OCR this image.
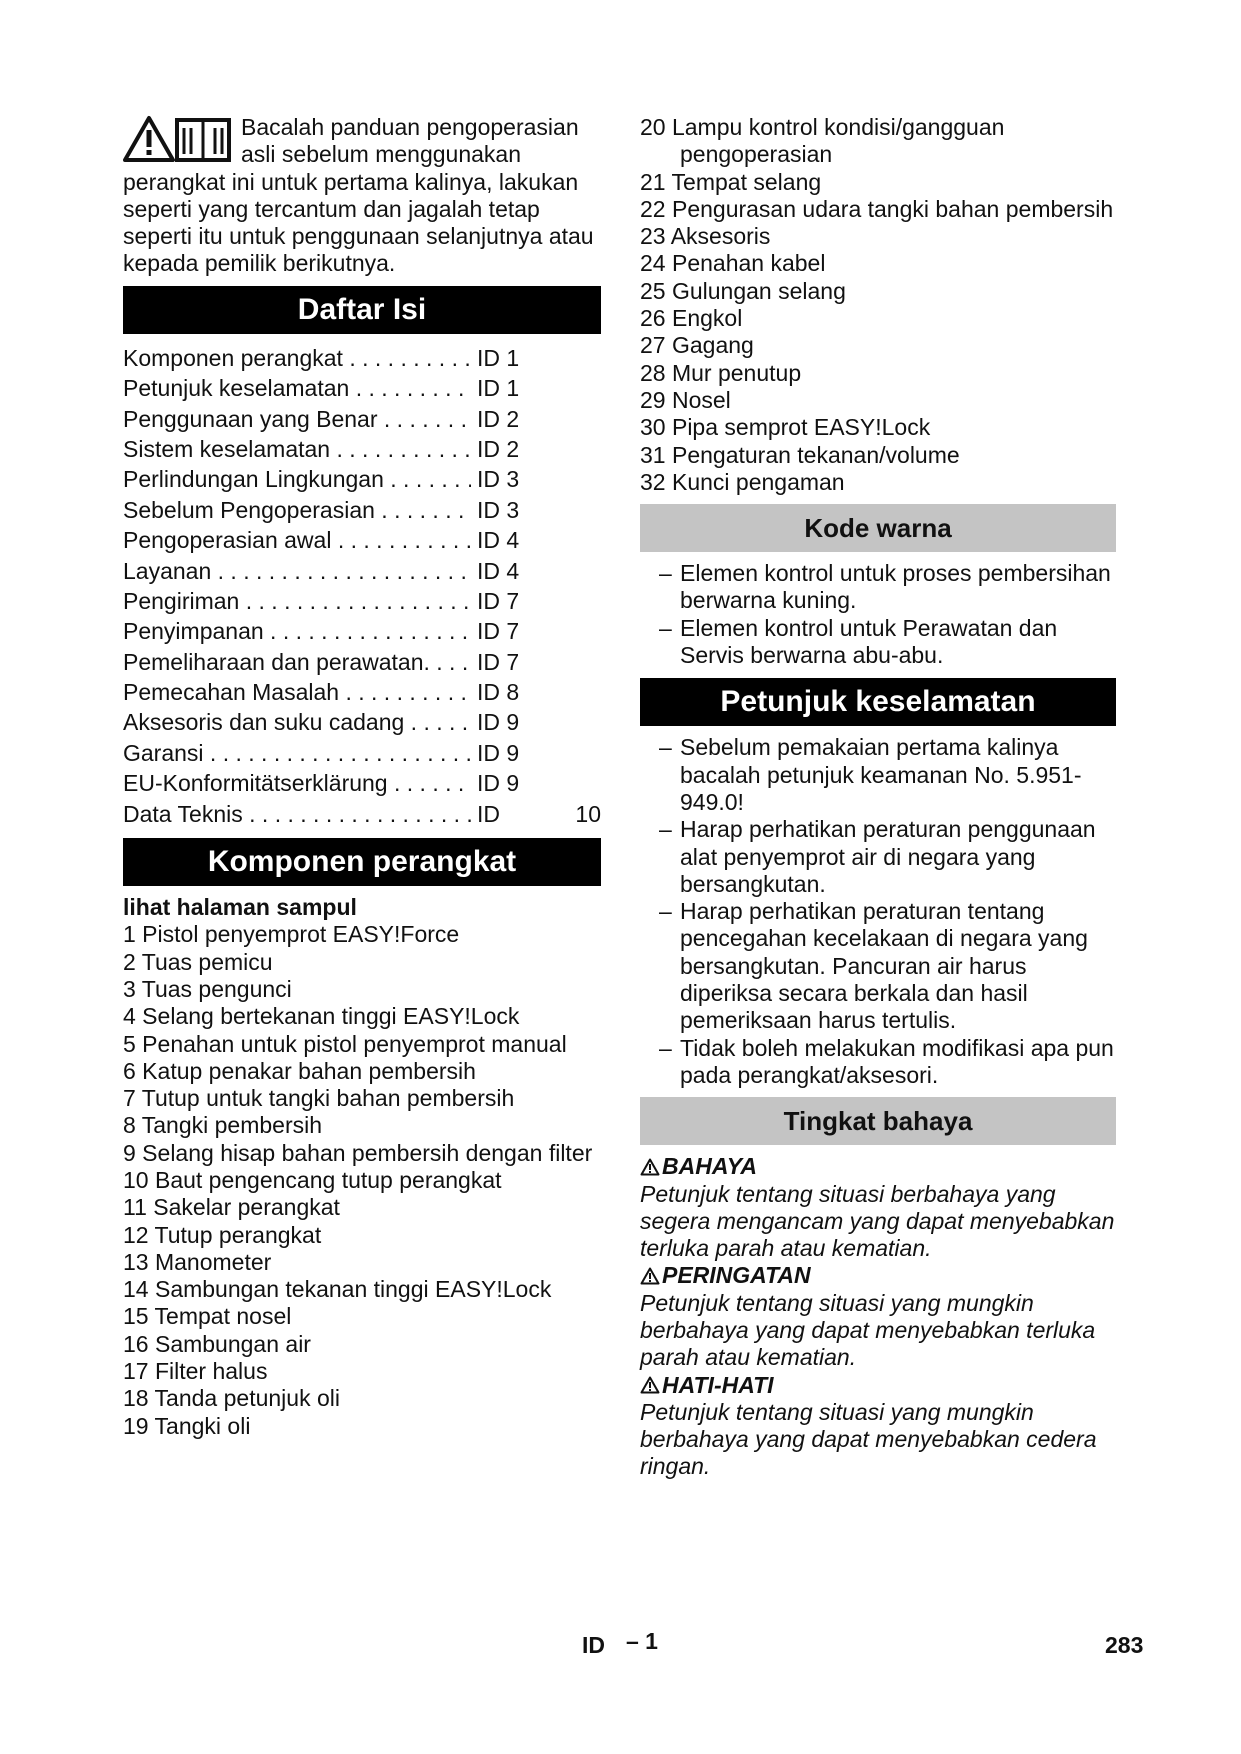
Bacalah panduan pengoperasian asli sebelum menggunakan perangkat ini untuk pertama kalinya, lakukan seperti yang tercantum dan jagalah tetap seperti itu untuk penggunaan selanjutnya atau kepada pemilik berikutnya.

Daftar Isi
Komponen perangkat . . .	ID 1
Petunjuk keselamatan . . .	ID 1
Penggunaan yang Benar . . .	ID 2
Sistem keselamatan . . .	ID 2
Perlindungan Lingkungan . . .	ID 3
Sebelum Pengoperasian . . .	ID 3
Pengoperasian awal . . .	ID 4
Layanan . . .	ID 4
Pengiriman . . .	ID 7
Penyimpanan . . .	ID 7
Pemeliharaan dan perawatan. . . .	ID 7
Pemecahan Masalah . . .	ID 8
Aksesoris dan suku cadang . . .	ID 9
Garansi . . .	ID 9
EU-Konformitätserklärung . . .	ID 9
Data Teknis . . .	ID	10
Komponen perangkat

lihat halaman sampul

1 Pistol penyemprot EASY!Force
2 Tuas pemicu
3 Tuas pengunci
4 Selang bertekanan tinggi EASY!Lock
5 Penahan untuk pistol penyemprot manual
6 Katup penakar bahan pembersih
7 Tutup untuk tangki bahan pembersih
8 Tangki pembersih
9 Selang hisap bahan pembersih dengan filter
10 Baut pengencang tutup perangkat
11 Sakelar perangkat
12 Tutup perangkat
13 Manometer
14 Sambungan tekanan tinggi EASY!Lock
15 Tempat nosel
16 Sambungan air
17 Filter halus
18 Tanda petunjuk oli
19 Tangki oli
20 Lampu kontrol kondisi/gangguan pengoperasian
21 Tempat selang
22 Pengurasan udara tangki bahan pembersih
23 Aksesoris
24 Penahan kabel
25 Gulungan selang
26 Engkol
27 Gagang
28 Mur penutup
29 Nosel
30 Pipa semprot EASY!Lock
31 Pengaturan tekanan/volume
32 Kunci pengaman
Kode warna
– Elemen kontrol untuk proses pembersihan berwarna kuning.
– Elemen kontrol untuk Perawatan dan Servis berwarna abu-abu.
Petunjuk keselamatan
– Sebelum pemakaian pertama kalinya bacalah petunjuk keamanan No. 5.951-949.0!
– Harap perhatikan peraturan penggunaan alat penyemprot air di negara yang bersangkutan.
– Harap perhatikan peraturan tentang pencegahan kecelakaan di negara yang bersangkutan. Pancuran air harus diperiksa secara berkala dan hasil pemeriksaan harus tertulis.
– Tidak boleh melakukan modifikasi apa pun pada perangkat/aksesori.
Tingkat bahaya

BAHAYA

Petunjuk tentang situasi berbahaya yang segera mengancam yang dapat menyebabkan terluka parah atau kematian.

PERINGATAN

Petunjuk tentang situasi yang mungkin berbahaya yang dapat menyebabkan terluka parah atau kematian.

HATI-HATI

Petunjuk tentang situasi yang mungkin berbahaya yang dapat menyebabkan cedera ringan.

ID – 1	283
